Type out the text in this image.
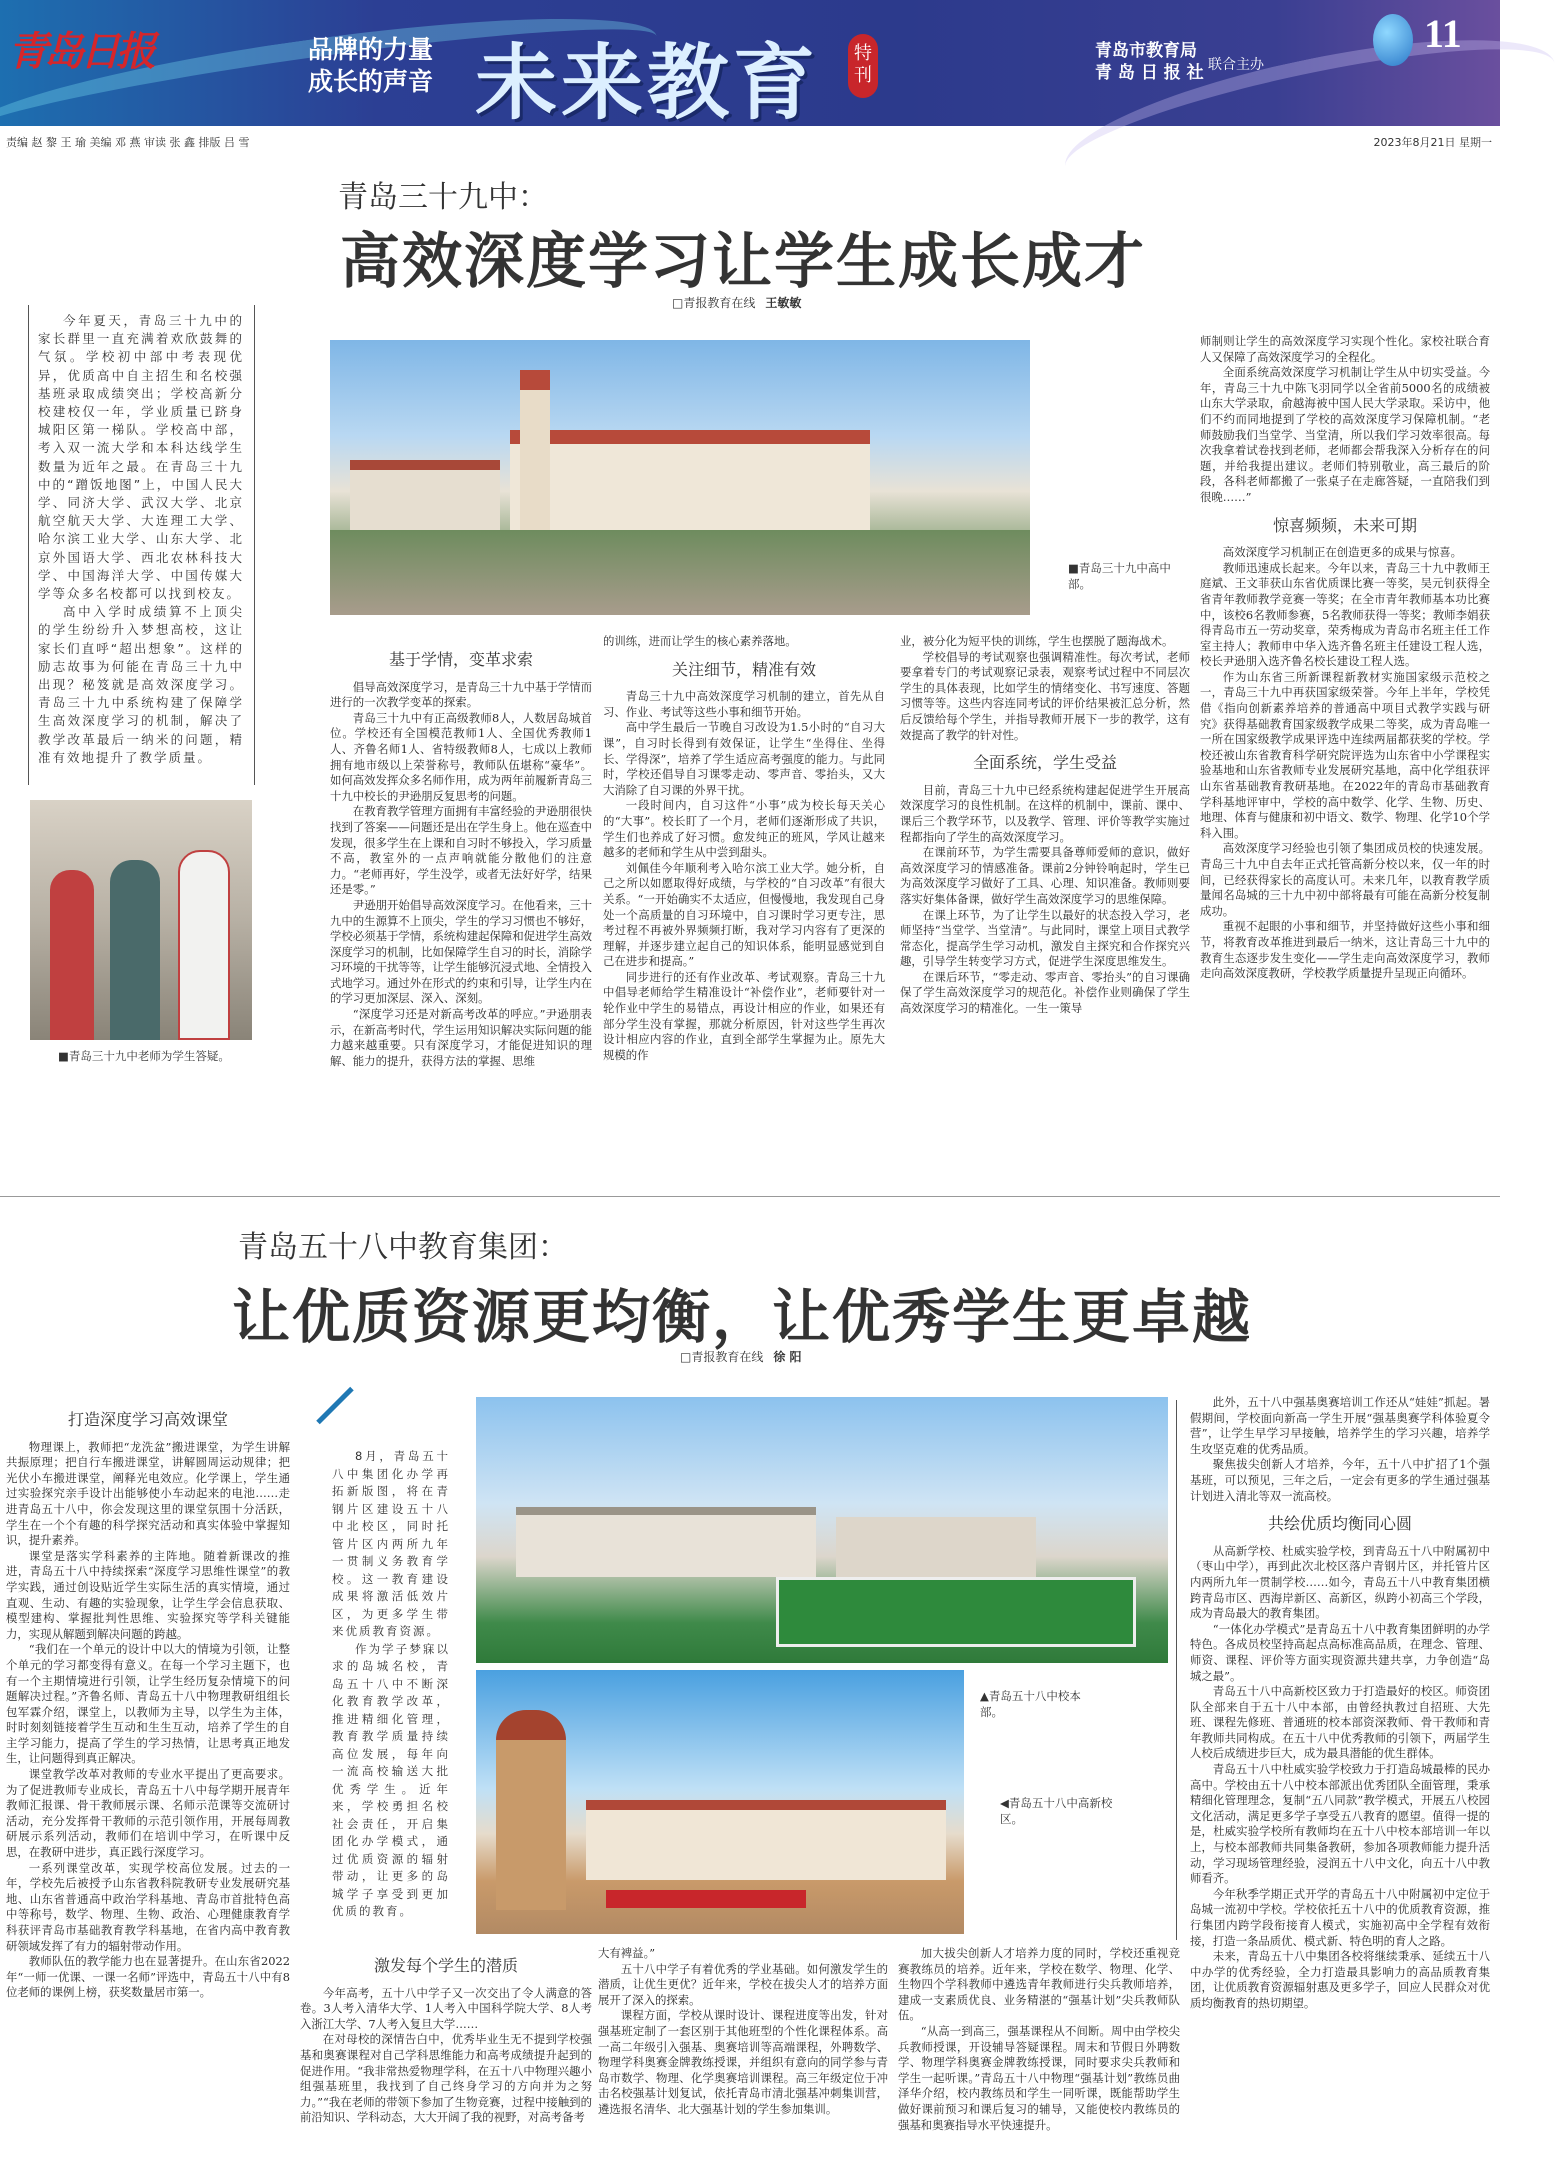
青岛日报	品牌的力量
成长的声音 未来教育	特刊
青岛市教育局
青 岛 日 报 社 联合主办
11
责编 赵 黎 王 瑜 美编 邓 燕 审读 张 鑫 排版 吕 雪	2023年8月21日 星期一
青岛三十九中：
高效深度学习让学生成长成才
□青报教育在线 王敏敏

今年夏天，青岛三十九中的家长群里一直充满着欢欣鼓舞的气氛。学校初中部中考表现优异，优质高中自主招生和名校强基班录取成绩突出；学校高新分校建校仅一年，学业质量已跻身城阳区第一梯队。学校高中部，考入双一流大学和本科达线学生数量为近年之最。在青岛三十九中的“蹭饭地图”上，中国人民大学、同济大学、武汉大学、北京航空航天大学、大连理工大学、哈尔滨工业大学、山东大学、北京外国语大学、西北农林科技大学、中国海洋大学、中国传媒大学等众多名校都可以找到校友。

高中入学时成绩算不上顶尖的学生纷纷升入梦想高校，这让家长们直呼“超出想象”。这样的励志故事为何能在青岛三十九中出现？秘笈就是高效深度学习。青岛三十九中系统构建了保障学生高效深度学习的机制，解决了教学改革最后一纳米的问题，精准有效地提升了教学质量。

■青岛三十九中老师为学生答疑。
■青岛三十九中高中部。
基于学情，变革求索

倡导高效深度学习，是青岛三十九中基于学情而进行的一次教学变革的探索。

青岛三十九中有正高级教师8人，人数居岛城首位。学校还有全国模范教师1人、全国优秀教师1人、齐鲁名师1人、省特级教师8人，七成以上教师拥有地市级以上荣誉称号，教师队伍堪称“豪华”。如何高效发挥众多名师作用，成为两年前履新青岛三十九中校长的尹逊朋反复思考的问题。

在教育教学管理方面拥有丰富经验的尹逊朋很快找到了答案——问题还是出在学生身上。他在巡查中发现，很多学生在上课和自习时不够投入，学习质量不高，教室外的一点声响就能分散他们的注意力。“老师再好，学生没学，或者无法好好学，结果还是零。”

尹逊朋开始倡导高效深度学习。在他看来，三十九中的生源算不上顶尖，学生的学习习惯也不够好，学校必须基于学情，系统构建起保障和促进学生高效深度学习的机制，比如保障学生自习的时长，消除学习环境的干扰等等，让学生能够沉浸式地、全情投入式地学习。通过外在形式的约束和引导，让学生内在的学习更加深层、深入、深刻。

“深度学习还是对新高考改革的呼应。”尹逊朋表示，在新高考时代，学生运用知识解决实际问题的能力越来越重要。只有深度学习，才能促进知识的理解、能力的提升，获得方法的掌握、思维

的训练，进而让学生的核心素养落地。
关注细节，精准有效

青岛三十九中高效深度学习机制的建立，首先从自习、作业、考试等这些小事和细节开始。

高中学生最后一节晚自习改设为1.5小时的“自习大课”，自习时长得到有效保证，让学生“坐得住、坐得长、学得深”，培养了学生适应高考强度的能力。与此同时，学校还倡导自习课零走动、零声音、零抬头，又大大消除了自习课的外界干扰。

一段时间内，自习这件“小事”成为校长每天关心的“大事”。校长盯了一个月，老师们逐渐形成了共识，学生们也养成了好习惯。愈发纯正的班风，学风让越来越多的老师和学生从中尝到甜头。

刘佩佳今年顺利考入哈尔滨工业大学。她分析，自己之所以如愿取得好成绩，与学校的“自习改革”有很大关系。“一开始确实不太适应，但慢慢地，我发现自己身处一个高质量的自习环境中，自习课时学习更专注，思考过程不再被外界频频打断，我对学习内容有了更深的理解，并逐步建立起自己的知识体系，能明显感觉到自己在进步和提高。”

同步进行的还有作业改革、考试观察。青岛三十九中倡导老师给学生精准设计“补偿作业”，老师要针对一轮作业中学生的易错点，再设计相应的作业，如果还有部分学生没有掌握，那就分析原因，针对这些学生再次设计相应内容的作业，直到全部学生掌握为止。原先大规模的作

业，被分化为短平快的训练，学生也摆脱了题海战术。

学校倡导的考试观察也强调精准性。每次考试，老师要拿着专门的考试观察记录表，观察考试过程中不同层次学生的具体表现，比如学生的情绪变化、书写速度、答题习惯等等。这些内容连同考试的评价结果被汇总分析，然后反馈给每个学生，并指导教师开展下一步的教学，这有效提高了教学的针对性。

全面系统，学生受益

目前，青岛三十九中已经系统构建起促进学生开展高效深度学习的良性机制。在这样的机制中，课前、课中、课后三个教学环节，以及教学、管理、评价等教学实施过程都指向了学生的高效深度学习。

在课前环节，为学生需要具备尊师爱师的意识，做好高效深度学习的情感准备。课前2分钟铃响起时，学生已为高效深度学习做好了工具、心理、知识准备。教师则要落实好集体备课，做好学生高效深度学习的思维保障。

在课上环节，为了让学生以最好的状态投入学习，老师坚持“当堂学、当堂清”。与此同时，课堂上项目式教学常态化，提高学生学习动机，激发自主探究和合作探究兴趣，引导学生转变学习方式，促进学生深度思维发生。

在课后环节，“零走动、零声音、零抬头”的自习课确保了学生高效深度学习的规范化。补偿作业则确保了学生高效深度学习的精准化。一生一策导

师制则让学生的高效深度学习实现个性化。家校社联合育人又保障了高效深度学习的全程化。

全面系统高效深度学习机制让学生从中切实受益。今年，青岛三十九中陈飞羽同学以全省前5000名的成绩被山东大学录取，俞越海被中国人民大学录取。采访中，他们不约而同地提到了学校的高效深度学习保障机制。“老师鼓励我们当堂学、当堂清，所以我们学习效率很高。每次我拿着试卷找到老师，老师都会帮我深入分析存在的问题，并给我提出建议。老师们特别敬业，高三最后的阶段，各科老师都搬了一张桌子在走廊答疑，一直陪我们到很晚……”

惊喜频频，未来可期

高效深度学习机制正在创造更多的成果与惊喜。

教师迅速成长起来。今年以来，青岛三十九中教师王庭斌、王文菲获山东省优质课比赛一等奖，吴元钊获得全省青年教师教学竞赛一等奖；在全市青年教师基本功比赛中，该校6名教师参赛，5名教师获得一等奖；教师李娟获得青岛市五一劳动奖章，荣秀梅成为青岛市名班主任工作室主持人；教师申中华入选齐鲁名班主任建设工程人选，校长尹逊朋入选齐鲁名校长建设工程人选。

作为山东省三所新课程新教材实施国家级示范校之一，青岛三十九中再获国家级荣誉。今年上半年，学校凭借《指向创新素养培养的普通高中项目式教学实践与研究》获得基础教育国家级教学成果二等奖，成为青岛唯一一所在国家级教学成果评选中连续两届都获奖的学校。学校还被山东省教育科学研究院评选为山东省中小学课程实验基地和山东省教师专业发展研究基地，高中化学组获评山东省基础教育教研基地。在2022年的青岛市基础教育学科基地评审中，学校的高中数学、化学、生物、历史、地理、体育与健康和初中语文、数学、物理、化学10个学科入围。

高效深度学习经验也引领了集团成员校的快速发展。青岛三十九中自去年正式托管高新分校以来，仅一年的时间，已经获得家长的高度认可。未来几年，以教育教学质量闻名岛城的三十九中初中部将最有可能在高新分校复制成功。

重视不起眼的小事和细节，并坚持做好这些小事和细节，将教育改革推进到最后一纳米，这让青岛三十九中的教育生态逐步发生变化——学生走向高效深度学习，教师走向高效深度教研，学校教学质量提升呈现正向循环。

青岛五十八中教育集团：
让优质资源更均衡，让优秀学生更卓越
□青报教育在线 徐 阳
打造深度学习高效课堂

物理课上，教师把“龙洗盆”搬进课堂，为学生讲解共振原理；把自行车搬进课堂，讲解圆周运动规律；把光伏小车搬进课堂，阐释光电效应。化学课上，学生通过实验探究亲手设计出能够使小车动起来的电池……走进青岛五十八中，你会发现这里的课堂氛围十分活跃，学生在一个个有趣的科学探究活动和真实体验中掌握知识，提升素养。

课堂是落实学科素养的主阵地。随着新课改的推进，青岛五十八中持续探索“深度学习思维性课堂”的教学实践，通过创设贴近学生实际生活的真实情境，通过直观、生动、有趣的实验现象，让学生学会信息获取、模型建构、掌握批判性思维、实验探究等学科关键能力，实现从解题到解决问题的跨越。

“我们在一个单元的设计中以大的情境为引领，让整个单元的学习都变得有意义。在每一个学习主题下，也有一个主期情境进行引领，让学生经历复杂情境下的问题解决过程。”齐鲁名师、青岛五十八中物理教研组组长包军霖介绍，课堂上，以教师为主导，以学生为主体，时时刻刻链接着学生互动和生生互动，培养了学生的自主学习能力，提高了学生的学习热情，让思考真正地发生，让问题得到真正解决。

课堂教学改革对教师的专业水平提出了更高要求。为了促进教师专业成长，青岛五十八中每学期开展青年教师汇报课、骨干教师展示课、名师示范课等交流研讨活动，充分发挥骨干教师的示范引领作用，开展每周教研展示系列活动，教师们在培训中学习，在听课中反思，在教研中进步，真正践行深度学习。

一系列课堂改革，实现学校高位发展。过去的一年，学校先后被授予山东省教科院教研专业发展研究基地、山东省普通高中政治学科基地、青岛市首批特色高中等称号，数学、物理、生物、政治、心理健康教育学科获评青岛市基础教育教学科基地，在省内高中教育教研领域发挥了有力的辐射带动作用。

教师队伍的教学能力也在显著提升。在山东省2022年“一师一优课、一课一名师”评选中，青岛五十八中有8位老师的课例上榜，获奖数量居市第一。

8月，青岛五十八中集团化办学再拓新版图，将在青钢片区建设五十八中北校区，同时托管片区内两所九年一贯制义务教育学校。这一教育建设成果将激活低效片区，为更多学生带来优质教育资源。

作为学子梦寐以求的岛城名校，青岛五十八中不断深化教育教学改革，推进精细化管理，教育教学质量持续高位发展，每年向一流高校输送大批优秀学生。近年来，学校勇担名校社会责任，开启集团化办学模式，通过优质资源的辐射带动，让更多的岛城学子享受到更加优质的教育。

▲青岛五十八中校本部。
◀青岛五十八中高新校区。

此外，五十八中强基奥赛培训工作还从“娃娃”抓起。暑假期间，学校面向新高一学生开展“强基奥赛学科体验夏令营”，让学生早学习早接触，培养学生的学习兴趣，培养学生攻坚克难的优秀品质。

聚焦拔尖创新人才培养，今年，五十八中扩招了1个强基班，可以预见，三年之后，一定会有更多的学生通过强基计划进入清北等双一流高校。

共绘优质均衡同心圆

从高新学校、杜威实验学校，到青岛五十八中附属初中（枣山中学），再到此次北校区落户青钢片区，并托管片区内两所九年一贯制学校……如今，青岛五十八中教育集团横跨青岛市区、西海岸新区、高新区，纵跨小初高三个学段，成为青岛最大的教育集团。

“一体化办学模式”是青岛五十八中教育集团鲜明的办学特色。各成员校坚持高起点高标准高品质，在理念、管理、师资、课程、评价等方面实现资源共建共享，力争创造“岛城之最”。

青岛五十八中高新校区致力于打造最好的校区。师资团队全部来自于五十八中本部，由曾经执教过自招班、大先班、课程先修班、普通班的校本部资深教师、骨干教师和青年教师共同构成。在五十八中优秀教师的引领下，两届学生人校后成绩进步巨大，成为最具潜能的优生群体。

青岛五十八中杜威实验学校致力于打造岛城最棒的民办高中。学校由五十八中校本部派出优秀团队全面管理，秉承精细化管理理念，复制“五八同款”教学模式，开展五八校园文化活动，满足更多学子享受五八教育的愿望。值得一提的是，杜威实验学校所有教师均在五十八中校本部培训一年以上，与校本部教师共同集备教研，参加各项教师能力提升活动，学习现场管理经验，浸润五十八中文化，向五十八中教师看齐。

今年秋季学期正式开学的青岛五十八中附属初中定位于岛城一流初中学校。学校依托五十八中的优质教育资源，推行集团内跨学段衔接育人模式，实施初高中全学程有效衔接，打造一条品质优、模式新、特色明的育人之路。

未来，青岛五十八中集团各校将继续秉承、延续五十八中办学的优秀经验，全力打造最具影响力的高品质教育集团，让优质教育资源辐射惠及更多学子，回应人民群众对优质均衡教育的热切期望。

激发每个学生的潜质

今年高考，五十八中学子又一次交出了令人满意的答卷。3人考入清华大学、1人考入中国科学院大学、8人考入浙江大学、7人考入复旦大学……

在对母校的深情告白中，优秀毕业生无不提到学校强基和奥赛课程对自己学科思维能力和高考成绩提升起到的促进作用。“我非常热爱物理学科，在五十八中物理兴趣小组强基班里，我找到了自己终身学习的方向并为之努力。”“我在老师的带领下参加了生物竞赛，过程中接触到的前沿知识、学科动态，大大开阔了我的视野，对高考备考

大有裨益。”

五十八中学子有着优秀的学业基础。如何激发学生的潜质，让优生更优？近年来，学校在拔尖人才的培养方面展开了深入的探索。

课程方面，学校从课时设计、课程进度等出发，针对强基班定制了一套区别于其他班型的个性化课程体系。高一高二年级引入强基、奥赛培训等高端课程，外聘数学、物理学科奥赛金牌教练授课，并组织有意向的同学参与青岛市数学、物理、化学奥赛培训课程。高三年级定位于冲击名校强基计划复试，依托青岛市清北强基冲刺集训营，遴选报名清华、北大强基计划的学生参加集训。

加大拔尖创新人才培养力度的同时，学校还重视竞赛教练员的培养。近年来，学校在数学、物理、化学、生物四个学科教师中遴选青年教师进行尖兵教师培养，建成一支素质优良、业务精湛的“强基计划”尖兵教师队伍。

“从高一到高三，强基课程从不间断。周中由学校尖兵教师授课，开设辅导答疑课程。周末和节假日外聘数学、物理学科奥赛金牌教练授课，同时要求尖兵教师和学生一起听课。”青岛五十八中物理“强基计划”教练员曲泽华介绍，校内教练员和学生一同听课，既能帮助学生做好课前预习和课后复习的辅导，又能使校内教练员的强基和奥赛指导水平快速提升。
